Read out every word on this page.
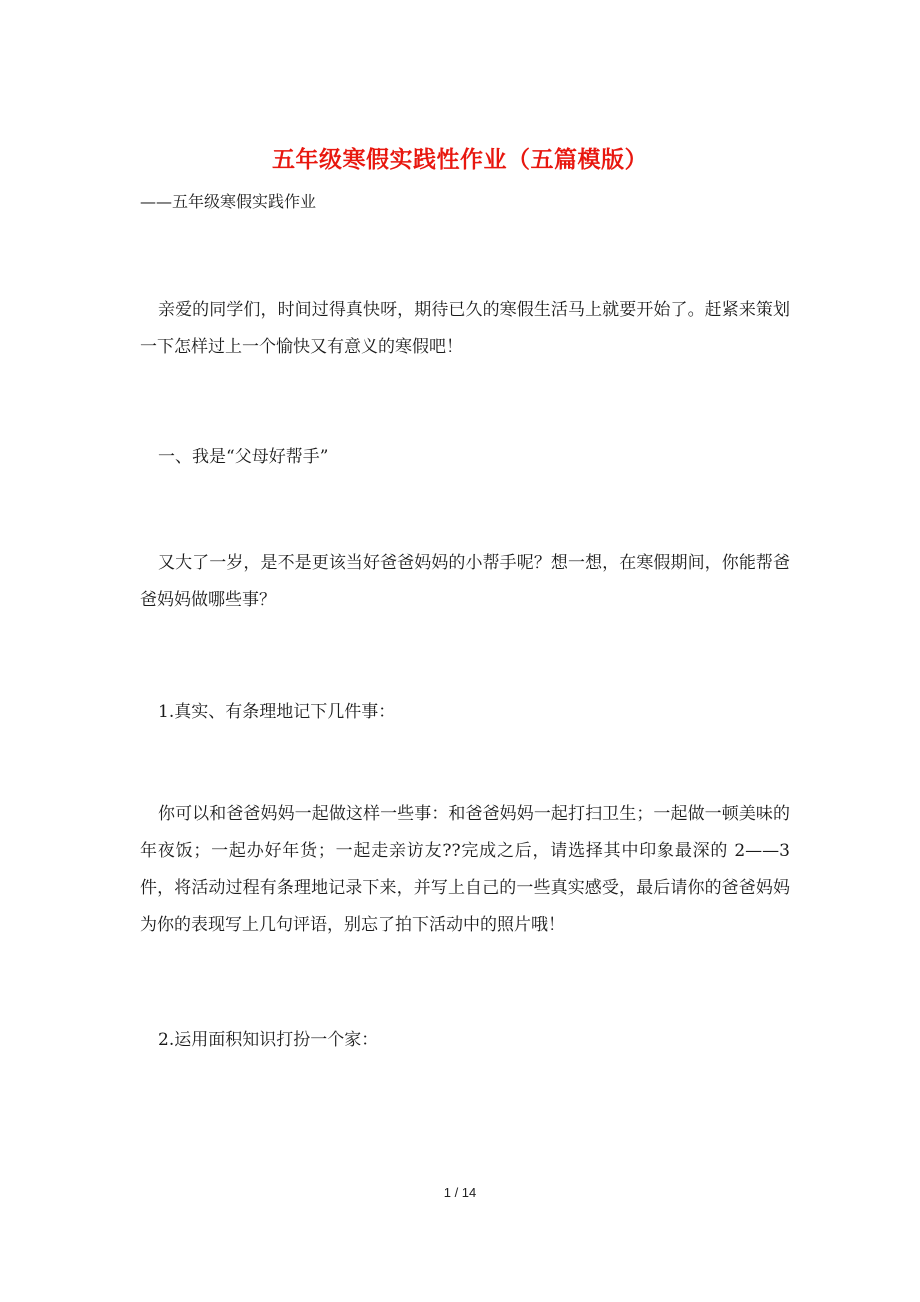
五年级寒假实践性作业（五篇模版）
——五年级寒假实践作业
亲爱的同学们，时间过得真快呀，期待已久的寒假生活马上就要开始了。赶紧来策划一下怎样过上一个愉快又有意义的寒假吧！
一、我是“父母好帮手”
又大了一岁，是不是更该当好爸爸妈妈的小帮手呢？想一想，在寒假期间，你能帮爸爸妈妈做哪些事？
1.真实、有条理地记下几件事：
你可以和爸爸妈妈一起做这样一些事：和爸爸妈妈一起打扫卫生；一起做一顿美味的年夜饭；一起办好年货；一起走亲访友??完成之后，请选择其中印象最深的 2——3 件，将活动过程有条理地记录下来，并写上自己的一些真实感受，最后请你的爸爸妈妈为你的表现写上几句评语，别忘了拍下活动中的照片哦！
2.运用面积知识打扮一个家：
1 / 14
